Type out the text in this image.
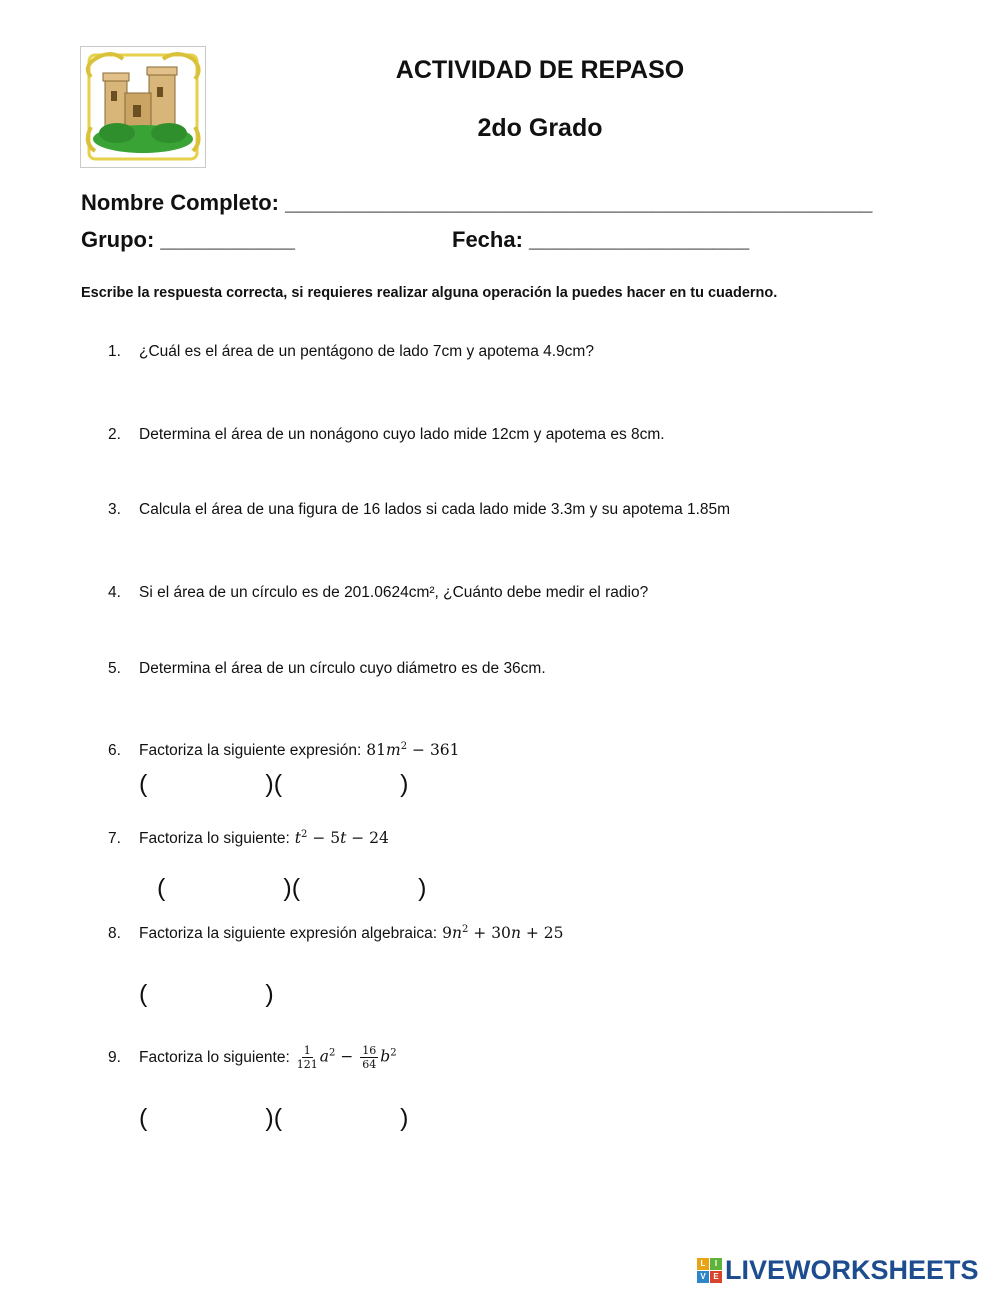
ACTIVIDAD DE REPASO
2do Grado
Nombre Completo: ________________________________________________
Grupo: ___________	Fecha: __________________
Escribe la respuesta correcta, si requieres realizar alguna operación la puedes hacer en tu cuaderno.
1.	¿Cuál es el área de un pentágono de lado 7cm y apotema 4.9cm?
2.	Determina el área de un nonágono cuyo lado mide 12cm y apotema es 8cm.
3.	Calcula el área de una figura de 16 lados si cada lado mide 3.3m y su apotema 1.85m
4.	Si el área de un círculo es de 201.0624cm², ¿Cuánto debe medir el radio?
5.	Determina el área de un círculo cuyo diámetro es de 36cm.
6.	Factoriza la siguiente expresión: $81m^2 - 361$
(                 )(                 )
7.	Factoriza lo siguiente: $t^2 - 5t - 24$
(                 )(                 )
8.	Factoriza la siguiente expresión algebraica: $9n^2 + 30n + 25$
(                 )
9.	Factoriza lo siguiente: $\frac{1}{121} a^2 - \frac{16}{64} b^2$
(                 )(                 )
L	I
V E LIVEWORKSHEETS
